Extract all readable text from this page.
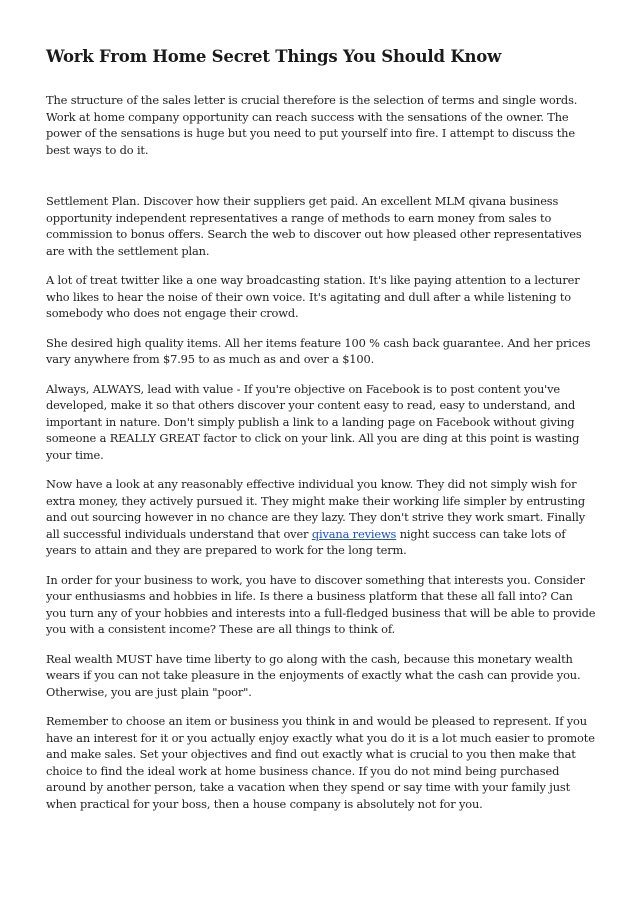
Work From Home Secret Things You Should Know

The structure of the sales letter is crucial therefore is the selection of terms and single words. Work at home company opportunity can reach success with the sensations of the owner. The power of the sensations is huge but you need to put yourself into fire. I attempt to discuss the best ways to do it.

Settlement Plan. Discover how their suppliers get paid. An excellent MLM qivana business opportunity independent representatives a range of methods to earn money from sales to commission to bonus offers. Search the web to discover out how pleased other representatives are with the settlement plan.

A lot of treat twitter like a one way broadcasting station. It's like paying attention to a lecturer who likes to hear the noise of their own voice. It's agitating and dull after a while listening to somebody who does not engage their crowd.

She desired high quality items. All her items feature 100 % cash back guarantee. And her prices vary anywhere from $7.95 to as much as and over a $100.

Always, ALWAYS, lead with value - If you're objective on Facebook is to post content you've developed, make it so that others discover your content easy to read, easy to understand, and important in nature. Don't simply publish a link to a landing page on Facebook without giving someone a REALLY GREAT factor to click on your link. All you are ding at this point is wasting your time.

Now have a look at any reasonably effective individual you know. They did not simply wish for extra money, they actively pursued it. They might make their working life simpler by entrusting and out sourcing however in no chance are they lazy. They don't strive they work smart. Finally all successful individuals understand that over qivana reviews night success can take lots of years to attain and they are prepared to work for the long term.

In order for your business to work, you have to discover something that interests you. Consider your enthusiasms and hobbies in life. Is there a business platform that these all fall into? Can you turn any of your hobbies and interests into a full-fledged business that will be able to provide you with a consistent income? These are all things to think of.

Real wealth MUST have time liberty to go along with the cash, because this monetary wealth wears if you can not take pleasure in the enjoyments of exactly what the cash can provide you. Otherwise, you are just plain "poor".

Remember to choose an item or business you think in and would be pleased to represent. If you have an interest for it or you actually enjoy exactly what you do it is a lot much easier to promote and make sales. Set your objectives and find out exactly what is crucial to you then make that choice to find the ideal work at home business chance. If you do not mind being purchased around by another person, take a vacation when they spend or say time with your family just when practical for your boss, then a house company is absolutely not for you.
